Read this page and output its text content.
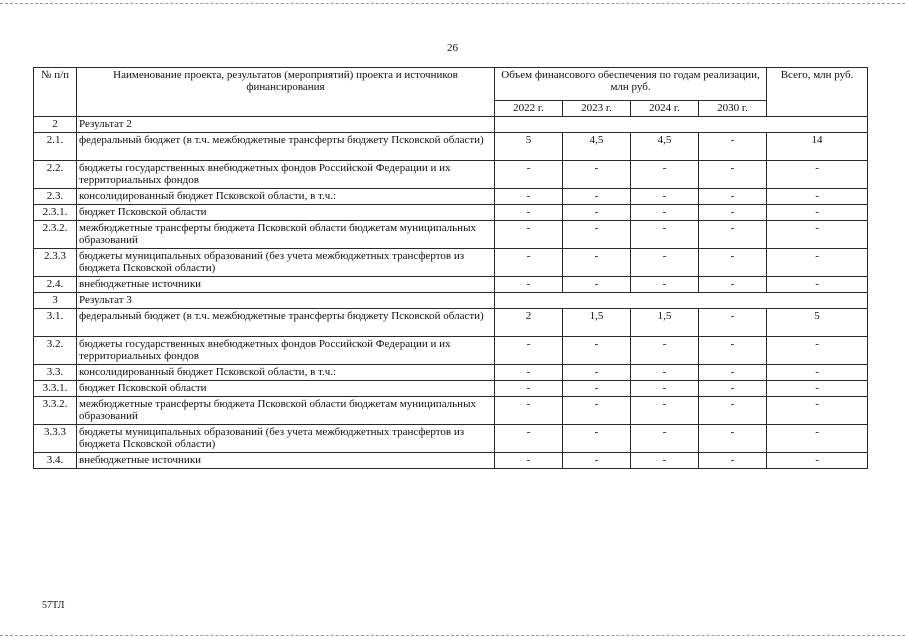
26
№ п/п	Наименование проекта, результатов (мероприятий) проекта и источников финансирования	Объем финансового обеспечения по годам реализации, млн руб.				Всего, млн руб.
		2022 г.	2023 г.	2024 г.	2030 г.	
2	Результат 2					
2.1.	федеральный бюджет (в т.ч. межбюджетные трансферты бюджету Псковской области)	5	4,5	4,5	-	14
2.2.	бюджеты государственных внебюджетных фондов Российской Федерации и их территориальных фондов	-	-	-	-	-
2.3.	консолидированный бюджет Псковской области, в т.ч.:	-	-	-	-	-
2.3.1.	бюджет Псковской области	-	-	-	-	-
2.3.2.	межбюджетные трансферты бюджета Псковской области бюджетам муниципальных образований	-	-	-	-	-
2.3.3	бюджеты муниципальных образований (без учета межбюджетных трансфертов из бюджета Псковской области)	-	-	-	-	-
2.4.	внебюджетные источники	-	-	-	-	-
3	Результат 3					
3.1.	федеральный бюджет (в т.ч. межбюджетные трансферты бюджету Псковской области)	2	1,5	1,5	-	5
3.2.	бюджеты государственных внебюджетных фондов Российской Федерации и их территориальных фондов	-	-	-	-	-
3.3.	консолидированный бюджет Псковской области, в т.ч.:	-	-	-	-	-
3.3.1.	бюджет Псковской области	-	-	-	-	-
3.3.2.	межбюджетные трансферты бюджета Псковской области бюджетам муниципальных образований	-	-	-	-	-
3.3.3	бюджеты муниципальных образований (без учета межбюджетных трансфертов из бюджета Псковской области)	-	-	-	-	-
3.4.	внебюджетные источники	-	-	-	-	-
57ТЛ
